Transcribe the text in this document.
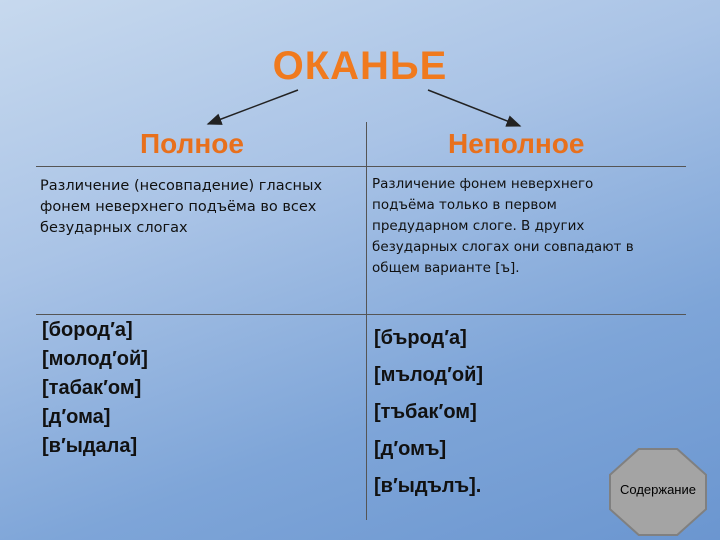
ОКАНЬЕ
Полное	Неполное
Различение (несовпадение) гласных
фонем неверхнего подъёма во всех
безударных слогах
Различение фонем неверхнего
подъёма только в первом
предударном слоге. В других
безударных слогах они совпадают в
общем варианте [ъ].
[бород′а]
[молод′ой]
[табак′ом]
[д′ома]
[в′ыдала]
[бърод′а]
[мълод′ой]
[тъбак′ом]
[д′омъ]
[в′ыдълъ].	Содержание
